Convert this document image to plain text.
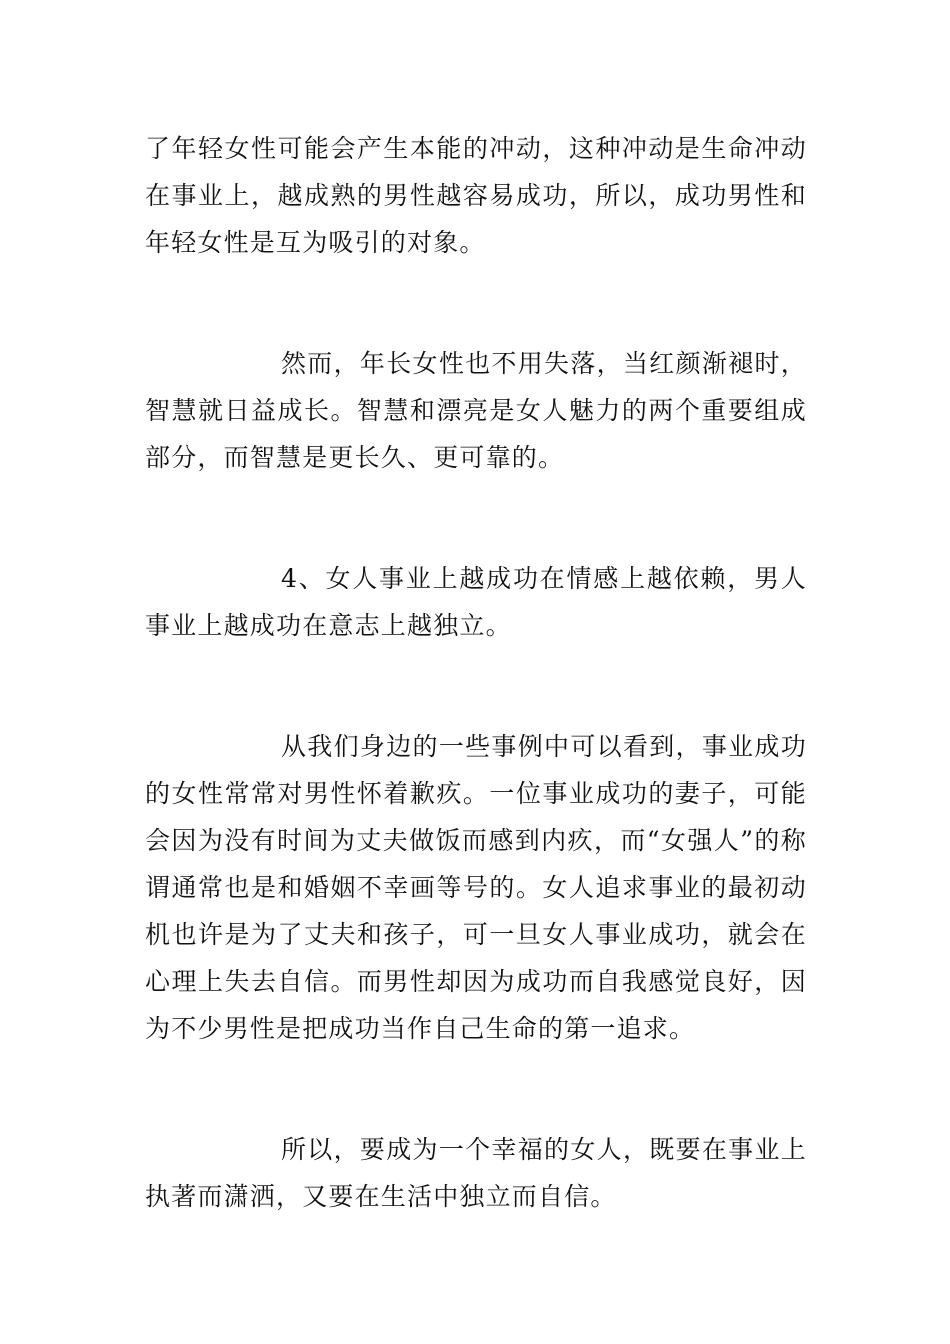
了年轻女性可能会产生本能的冲动，这种冲动是生命冲动在事业上，越成熟的男性越容易成功，所以，成功男性和年轻女性是互为吸引的对象。

然而，年长女性也不用失落，当红颜渐褪时，智慧就日益成长。智慧和漂亮是女人魅力的两个重要组成部分，而智慧是更长久、更可靠的。

4、女人事业上越成功在情感上越依赖，男人事业上越成功在意志上越独立。

从我们身边的一些事例中可以看到，事业成功的女性常常对男性怀着歉疚。一位事业成功的妻子，可能会因为没有时间为丈夫做饭而感到内疚，而“女强人”的称谓通常也是和婚姻不幸画等号的。女人追求事业的最初动机也许是为了丈夫和孩子，可一旦女人事业成功，就会在心理上失去自信。而男性却因为成功而自我感觉良好，因为不少男性是把成功当作自己生命的第一追求。

所以，要成为一个幸福的女人，既要在事业上执著而潇洒，又要在生活中独立而自信。
